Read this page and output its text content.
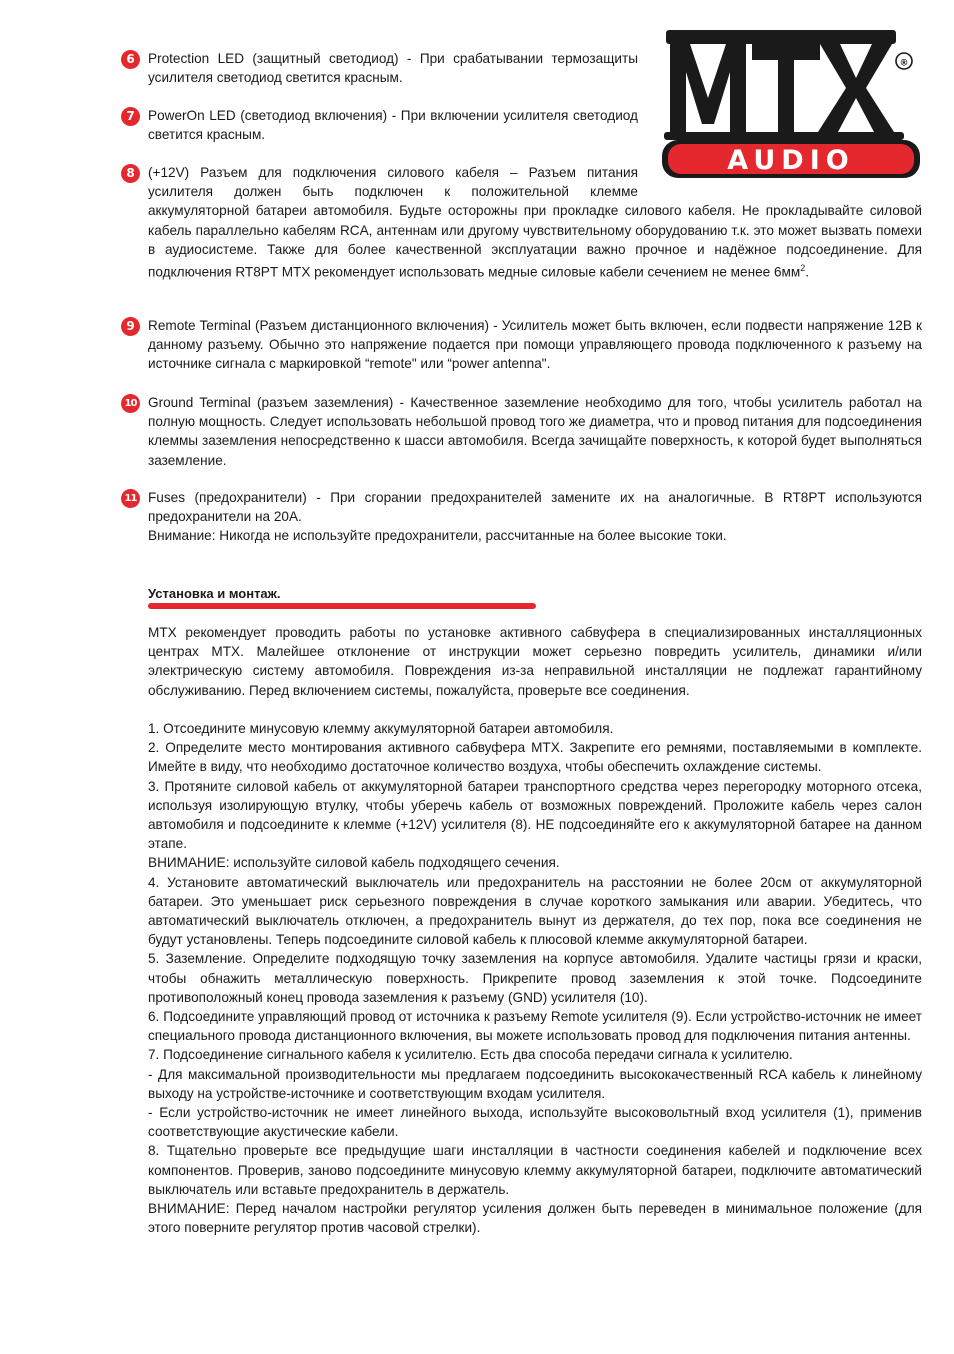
®
AUDIO
6 Protection LED (защитный светодиод) - При срабатывании термозащиты усилителя светодиод светится красным.

7 PowerOn LED (светодиод включения) - При включении усилителя светодиод светится красным.

8 (+12V) Разъем для подключения силового кабеля – Разъем питания усилителя должен быть подключен к положительной клемме

аккумуляторной батареи автомобиля. Будьте осторожны при прокладке силового кабеля. Не прокладывайте силовой кабель параллельно кабелям RCA, антеннам или другому чувствительному оборудованию т.к. это может вызвать помехи в аудиосистеме. Также для более качественной эксплуатации важно прочное и надёжное подсоединение. Для подключения RT8PT MTX рекомендует использовать медные силовые кабели сечением не менее $6мм^2$.

9 Remote Terminal (Разъем дистанционного включения) - Усилитель может быть включен, если подвести напряжение 12В к данному разъему. Обычно это напряжение подается при помощи управляющего провода подключенного к разъему на источнике сигнала с маркировкой “remote" или “power antenna".

10 Ground Terminal (разъем заземления) - Качественное заземление необходимо для того, чтобы усилитель работал на полную мощность. Следует использовать небольшой провод того же диаметра, что и провод питания для подсоединения клеммы заземления непосредственно к шасси автомобиля. Всегда зачищайте поверхность, к которой будет выполняться заземление.

11 Fuses (предохранители) - При сгорании предохранителей замените их на аналогичные. В RT8PT используются предохранители на 20А.

Внимание: Никогда не используйте предохранители, рассчитанные на более высокие токи.

Установка и монтаж.

MTX рекомендует проводить работы по установке активного сабвуфера в специализированных инсталляционных центрах MTX. Малейшее отклонение от инструкции может серьезно повредить усилитель, динамики и/или электрическую систему автомобиля. Повреждения из-за неправильной инсталляции не подлежат гарантийному обслуживанию. Перед включением системы, пожалуйста, проверьте все соединения.

1. Отсоедините минусовую клемму аккумуляторной батареи автомобиля.

2. Определите место монтирования активного сабвуфера MTX. Закрепите его ремнями, поставляемыми в комплекте. Имейте в виду, что необходимо достаточное количество воздуха, чтобы обеспечить охлаждение системы.

3. Протяните силовой кабель от аккумуляторной батареи транспортного средства через перегородку моторного отсека, используя изолирующую втулку, чтобы уберечь кабель от возможных повреждений. Проложите кабель через салон автомобиля и подсоедините к клемме (+12V) усилителя (8). НЕ подсоединяйте его к аккумуляторной батарее на данном этапе.

ВНИМАНИЕ: используйте силовой кабель подходящего сечения.

4. Установите автоматический выключатель или предохранитель на расстоянии не более 20см от аккумуляторной батареи. Это уменьшает риск серьезного повреждения в случае короткого замыкания или аварии. Убедитесь, что автоматический выключатель отключен, а предохранитель вынут из держателя, до тех пор, пока все соединения не будут установлены. Теперь подсоедините силовой кабель к плюсовой клемме аккумуляторной батареи.

5. Заземление. Определите подходящую точку заземления на корпусе автомобиля. Удалите частицы грязи и краски, чтобы обнажить металлическую поверхность. Прикрепите провод заземления к этой точке. Подсоедините противоположный конец провода заземления к разъему (GND) усилителя (10).

6. Подсоедините управляющий провод от источника к разъему Remote усилителя (9). Если устройство-источник не имеет специального провода дистанционного включения, вы можете использовать провод для подключения питания антенны.

7. Подсоединение сигнального кабеля к усилителю. Есть два способа передачи сигнала к усилителю.

- Для максимальной производительности мы предлагаем подсоединить высококачественный RCA кабель к линейному выходу на устройстве-источнике и соответствующим входам усилителя.

- Если устройство-источник не имеет линейного выхода, используйте высоковольтный вход усилителя (1), применив соответствующие акустические кабели.

8. Тщательно проверьте все предыдущие шаги инсталляции в частности соединения кабелей и подключение всех компонентов. Проверив, заново подсоедините минусовую клемму аккумуляторной батареи, подключите автоматический выключатель или вставьте предохранитель в держатель.

ВНИМАНИЕ: Перед началом настройки регулятор усиления должен быть переведен в минимальное положение (для этого поверните регулятор против часовой стрелки).
